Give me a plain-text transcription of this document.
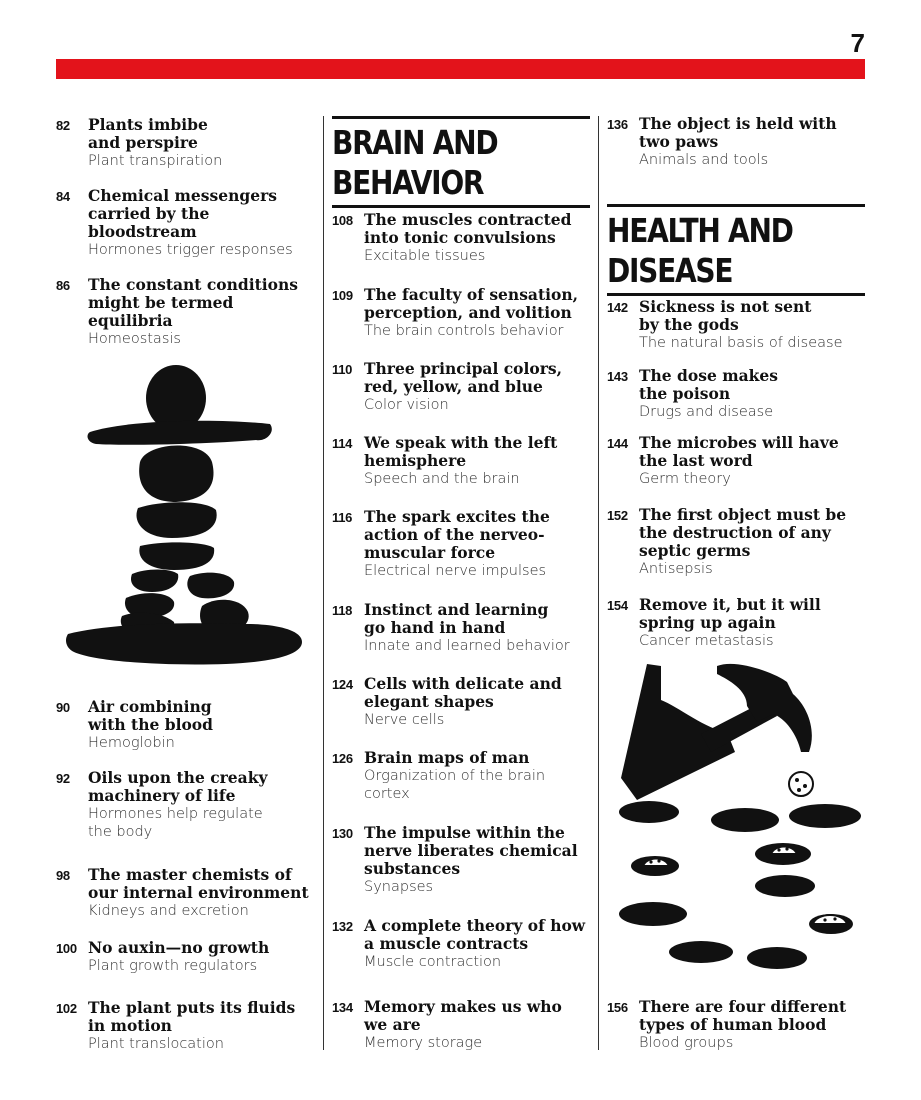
7
82 Plants imbibe
and perspire
Plant transpiration
84 Chemical messengers
carried by the
bloodstream
Hormones trigger responses
86 The constant conditions
might be termed
equilibria
Homeostasis
90 Air combining
with the blood
Hemoglobin
92 Oils upon the creaky
machinery of life
Hormones help regulate
the body
98 The master chemists of
our internal environment
Kidneys and excretion
100 No auxin—no growth
Plant growth regulators
102 The plant puts its fluids
in motion
Plant translocation
BRAIN AND
BEHAVIOR
108 The muscles contracted
into tonic convulsions
Excitable tissues
109 The faculty of sensation,
perception, and volition
The brain controls behavior
110 Three principal colors,
red, yellow, and blue
Color vision
114 We speak with the left
hemisphere
Speech and the brain
116 The spark excites the
action of the nerveo-
muscular force
Electrical nerve impulses
118 Instinct and learning
go hand in hand
Innate and learned behavior
124 Cells with delicate and
elegant shapes
Nerve cells
126 Brain maps of man
Organization of the brain
cortex
130 The impulse within the
nerve liberates chemical
substances
Synapses
132 A complete theory of how
a muscle contracts
Muscle contraction
134 Memory makes us who
we are
Memory storage
136 The object is held with
two paws
Animals and tools
HEALTH AND
DISEASE
142 Sickness is not sent
by the gods
The natural basis of disease
143 The dose makes
the poison
Drugs and disease
144 The microbes will have
the last word
Germ theory
152 The first object must be
the destruction of any
septic germs
Antisepsis
154 Remove it, but it will
spring up again
Cancer metastasis
156 There are four different
types of human blood
Blood groups
